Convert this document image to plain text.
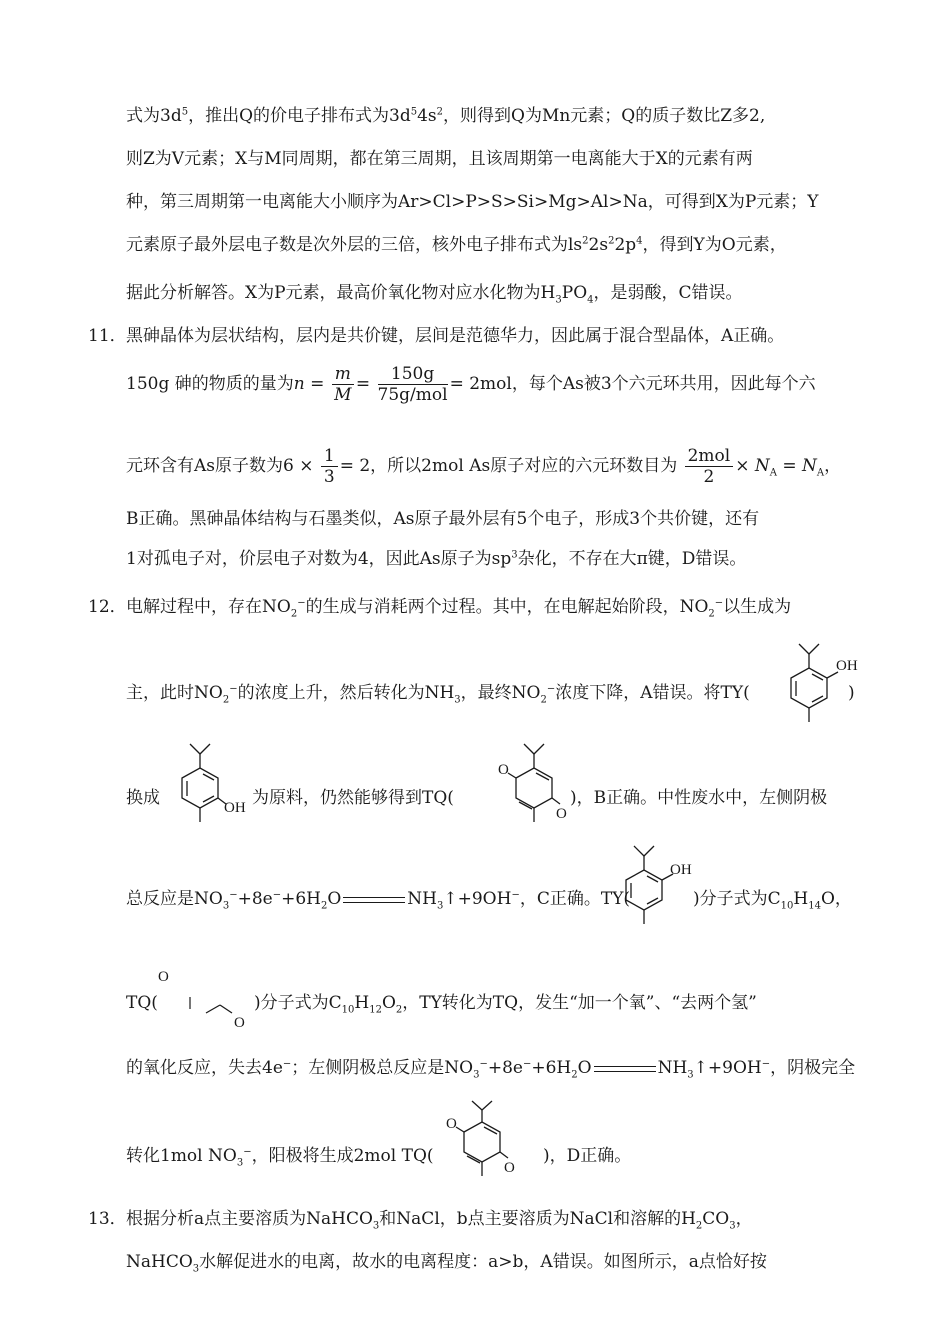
式为$3d^5$，推出Q的价电子排布式为$3d^54s^2$，则得到Q为Mn元素；Q的质子数比Z多2,
则Z为V元素；X与M同周期，都在第三周期，且该周期第一电离能大于X的元素有两
种，第三周期第一电离能大小顺序为Ar>Cl>P>S>Si>Mg>Al>Na，可得到X为P元素；Y
元素原子最外层电子数是次外层的三倍，核外电子排布式为$ls^22s^22p^4$，得到Y为O元素，
据此分析解答。X为P元素，最高价氧化物对应水化物为$H_3PO_4$，是弱酸，C错误。
11． 黑砷晶体为层状结构，层内是共价键，层间是范德华力，因此属于混合型晶体，A正确。
150g 砷的物质的量为$n = \frac{m}{M} = \frac{150g}{\text{75g/mol}} = 2mol$，每个As被3个六元环共用，因此每个六
元环含有As原子数为$6 \times \frac{1}{3} = 2$，所以2mol As原子对应的六元环数目为 $\frac{\text{2mol}}{2} \times N_A = N_A$，
B正确。黑砷晶体结构与石墨类似，As原子最外层有5个电子，形成3个共价键，还有
1对孤电子对，价层电子对数为4，因此As原子为$sp^3$杂化，不存在大π键，D错误。
12． 电解过程中，存在$NO_2^-$的生成与消耗两个过程。其中，在电解起始阶段，$NO_2^-$以生成为
主，此时$NO_2^-$的浓度上升，然后转化为$NH_3$，最终$NO_2^-$浓度下降，A错误。将TY(	)
换成	为原料，仍然能够得到TQ(	)，B正确。中性废水中，左侧阴极
总反应是$NO_3^-+8e^-+6H_2O$	$NH_3↑+9OH^-$，C正确。TY(	)分子式为$C_{10}H_{14}O$，
TQ(	)分子式为$C_{10}H_{12}O_2$，TY转化为TQ，发生“加一个氧”、“去两个氢”
的氧化反应，失去4e−；左侧阴极总反应是$NO_3^-+8e^-+6H_2O$	$NH_3↑+9OH^-$，阴极完全
转化1mol $NO_3^-$，阳极将生成2mol TQ(	)，D正确。
13． 根据分析a点主要溶质为NaHCO$_3$和NaCl，b点主要溶质为NaCl和溶解的$H_2CO_3$，
NaHCO$_3$水解促进水的电离，故水的电离程度：a>b，A错误。如图所示，a点恰好按
OH
OH
O
O
OH
O
O
O
O
